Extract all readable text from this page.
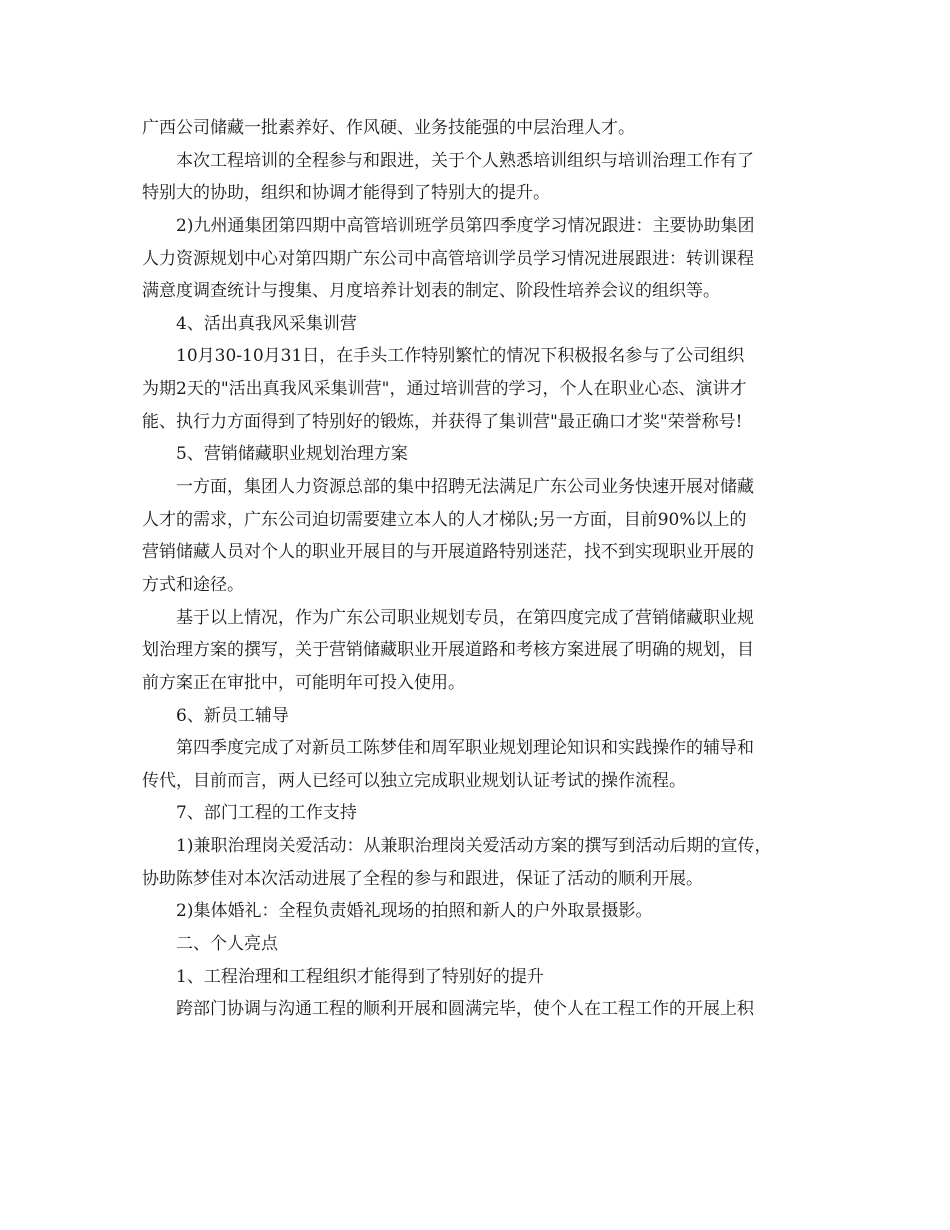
广西公司储藏一批素养好、作风硬、业务技能强的中层治理人才。
本次工程培训的全程参与和跟进，关于个人熟悉培训组织与培训治理工作有了
特别大的协助，组织和协调才能得到了特别大的提升。
2)九州通集团第四期中高管培训班学员第四季度学习情况跟进：主要协助集团
人力资源规划中心对第四期广东公司中高管培训学员学习情况进展跟进：转训课程
满意度调查统计与搜集、月度培养计划表的制定、阶段性培养会议的组织等。
4、活出真我风采集训营
10月30-10月31日，在手头工作特别繁忙的情况下积极报名参与了公司组织
为期2天的"活出真我风采集训营"，通过培训营的学习，个人在职业心态、演讲才
能、执行力方面得到了特别好的锻炼，并获得了集训营"最正确口才奖"荣誉称号!
5、营销储藏职业规划治理方案
一方面，集团人力资源总部的集中招聘无法满足广东公司业务快速开展对储藏
人才的需求，广东公司迫切需要建立本人的人才梯队;另一方面，目前90%以上的
营销储藏人员对个人的职业开展目的与开展道路特别迷茫，找不到实现职业开展的
方式和途径。
基于以上情况，作为广东公司职业规划专员，在第四度完成了营销储藏职业规
划治理方案的撰写，关于营销储藏职业开展道路和考核方案进展了明确的规划，目
前方案正在审批中，可能明年可投入使用。
6、新员工辅导
第四季度完成了对新员工陈梦佳和周军职业规划理论知识和实践操作的辅导和
传代，目前而言，两人已经可以独立完成职业规划认证考试的操作流程。
7、部门工程的工作支持
1)兼职治理岗关爱活动：从兼职治理岗关爱活动方案的撰写到活动后期的宣传，
协助陈梦佳对本次活动进展了全程的参与和跟进，保证了活动的顺利开展。
2)集体婚礼：全程负责婚礼现场的拍照和新人的户外取景摄影。
二、个人亮点
1、工程治理和工程组织才能得到了特别好的提升
跨部门协调与沟通工程的顺利开展和圆满完毕，使个人在工程工作的开展上积
